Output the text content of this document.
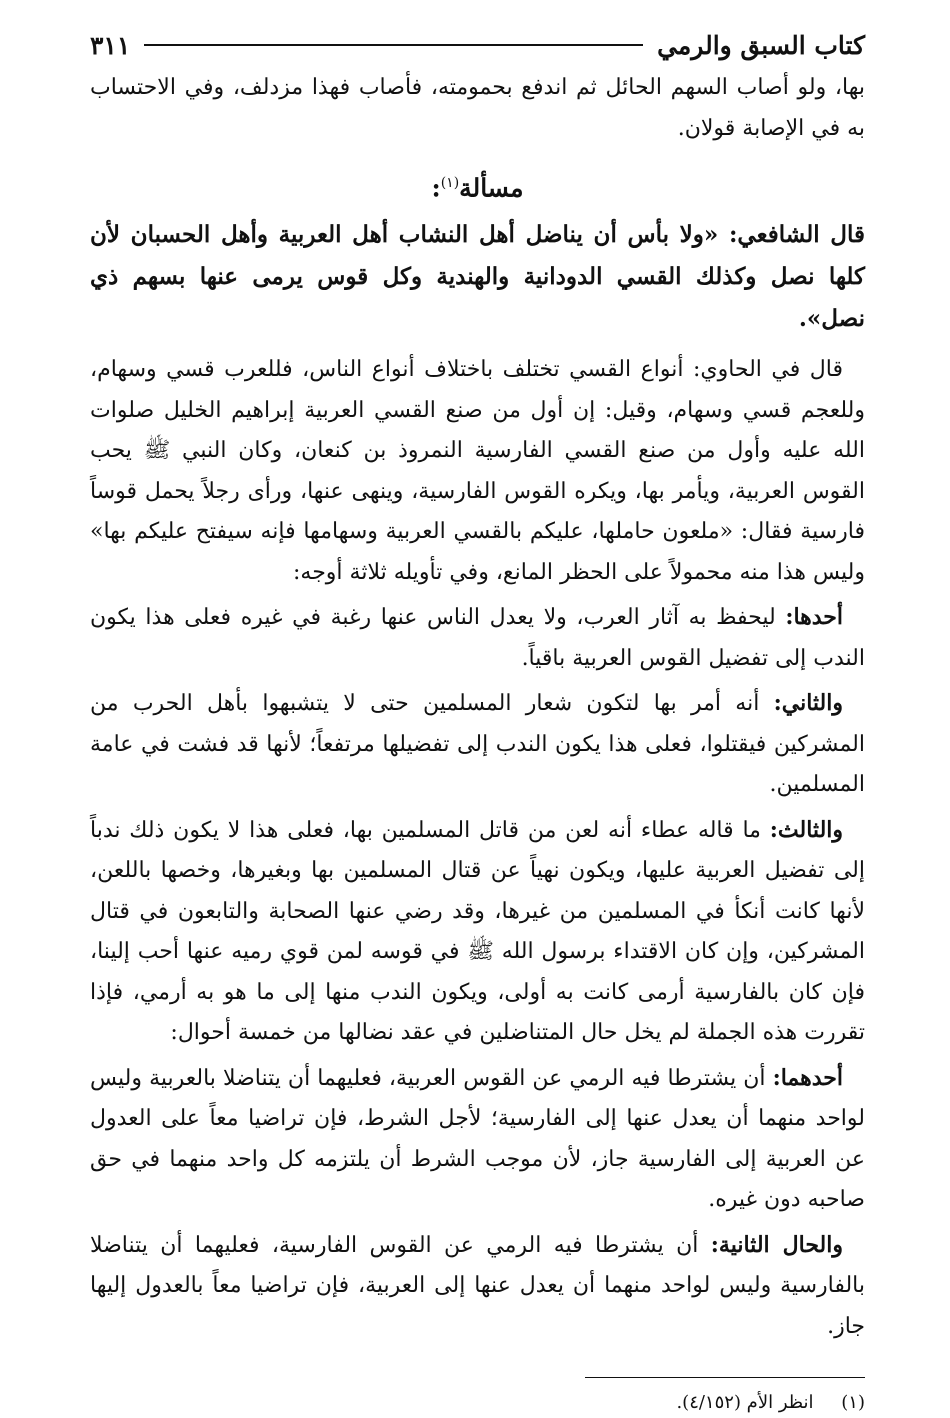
كتاب السبق والرمي
٣١١

بها، ولو أصاب السهم الحائل ثم اندفع بحمومته، فأصاب فهذا مزدلف، وفي الاحتساب به في الإصابة قولان.

مسألة$^{(١)}$:

قال الشافعي: «ولا بأس أن يناضل أهل النشاب أهل العربية وأهل الحسبان لأن كلها نصل وكذلك القسي الدودانية والهندية وكل قوس يرمى عنها بسهم ذي نصل».

قال في الحاوي: أنواع القسي تختلف باختلاف أنواع الناس، فللعرب قسي وسهام، وللعجم قسي وسهام، وقيل: إن أول من صنع القسي العربية إبراهيم الخليل صلوات الله عليه وأول من صنع القسي الفارسية النمروذ بن كنعان، وكان النبي ﷺ يحب القوس العربية، ويأمر بها، ويكره القوس الفارسية، وينهى عنها، ورأى رجلاً يحمل قوساً فارسية فقال: «ملعون حاملها، عليكم بالقسي العربية وسهامها فإنه سيفتح عليكم بها» وليس هذا منه محمولاً على الحظر المانع، وفي تأويله ثلاثة أوجه:

أحدها: ليحفظ به آثار العرب، ولا يعدل الناس عنها رغبة في غيره فعلى هذا يكون الندب إلى تفضيل القوس العربية باقياً.

والثاني: أنه أمر بها لتكون شعار المسلمين حتى لا يتشبهوا بأهل الحرب من المشركين فيقتلوا، فعلى هذا يكون الندب إلى تفضيلها مرتفعاً؛ لأنها قد فشت في عامة المسلمين.

والثالث: ما قاله عطاء أنه لعن من قاتل المسلمين بها، فعلى هذا لا يكون ذلك ندباً إلى تفضيل العربية عليها، ويكون نهياً عن قتال المسلمين بها وبغيرها، وخصها باللعن، لأنها كانت أنكأ في المسلمين من غيرها، وقد رضي عنها الصحابة والتابعون في قتال المشركين، وإن كان الاقتداء برسول الله ﷺ في قوسه لمن قوي رميه عنها أحب إلينا، فإن كان بالفارسية أرمى كانت به أولى، ويكون الندب منها إلى ما هو به أرمي، فإذا تقررت هذه الجملة لم يخل حال المتناضلين في عقد نضالها من خمسة أحوال:

أحدهما: أن يشترطا فيه الرمي عن القوس العربية، فعليهما أن يتناضلا بالعربية وليس لواحد منهما أن يعدل عنها إلى الفارسية؛ لأجل الشرط، فإن تراضيا معاً على العدول عن العربية إلى الفارسية جاز، لأن موجب الشرط أن يلتزمه كل واحد منهما في حق صاحبه دون غيره.

والحال الثانية: أن يشترطا فيه الرمي عن القوس الفارسية، فعليهما أن يتناضلا بالفارسية وليس لواحد منهما أن يعدل عنها إلى العربية، فإن تراضيا معاً بالعدول إليها جاز.

(١) انظر الأم (٤/١٥٢).
